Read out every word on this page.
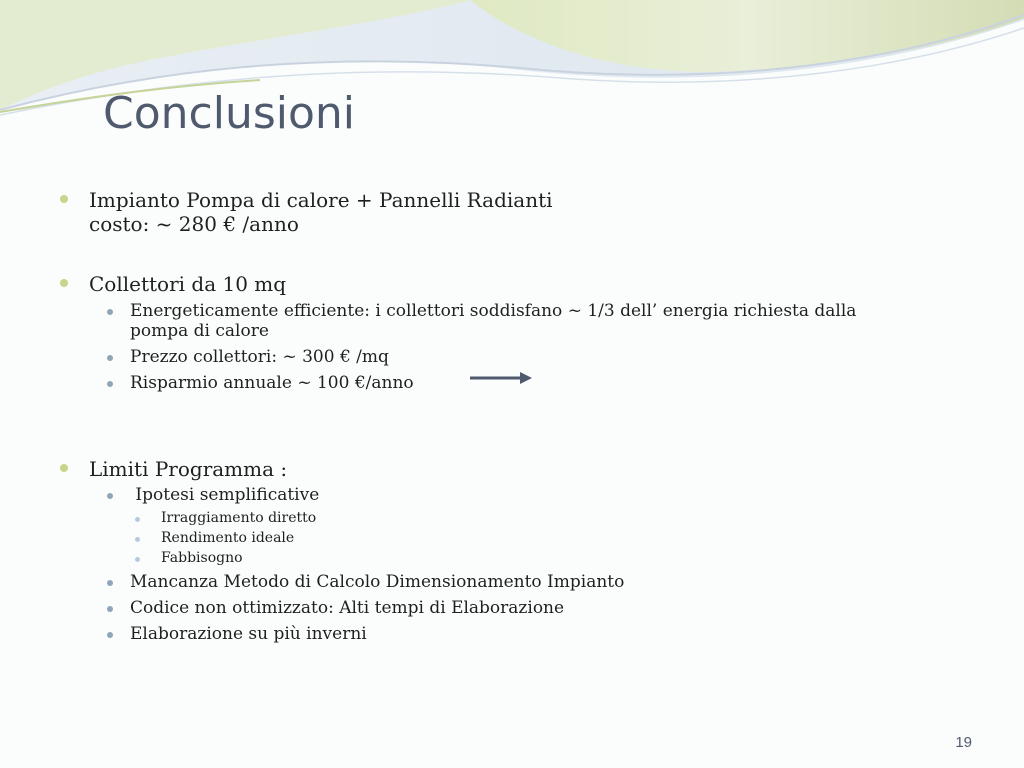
Conclusioni
Impianto Pompa di calore + Pannelli Radianti
costo: ~ 280 € /anno
Collettori da 10 mq
Energeticamente efficiente: i collettori soddisfano ~ 1/3 dell’ energia richiesta dalla
pompa di calore
Prezzo collettori: ~ 300 € /mq
Risparmio annuale ~ 100 €/anno
Limiti Programma :
Ipotesi semplificative
Irraggiamento diretto
Rendimento ideale
Fabbisogno
Mancanza Metodo di Calcolo Dimensionamento Impianto
Codice non ottimizzato: Alti tempi di Elaborazione
Elaborazione su più inverni
19
